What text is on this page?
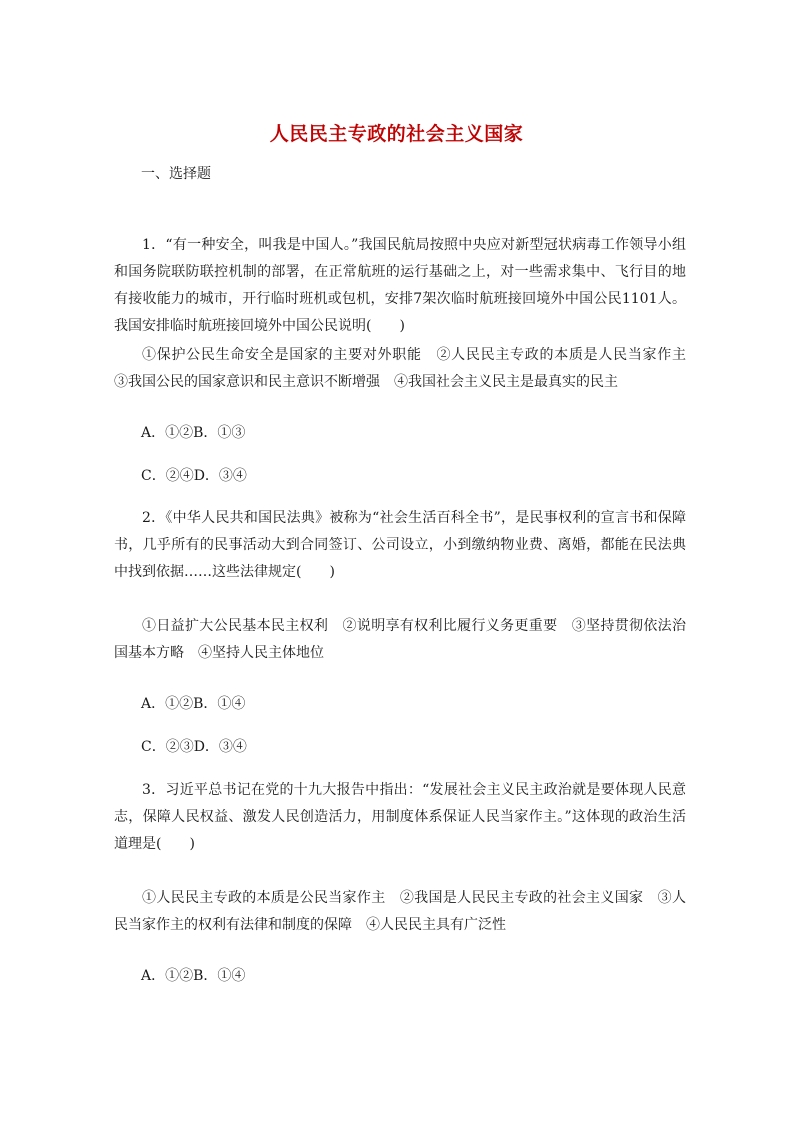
人民民主专政的社会主义国家
一、选择题

1．“有一种安全，叫我是中国人。”我国民航局按照中央应对新型冠状病毒工作领导小组和国务院联防联控机制的部署，在正常航班的运行基础之上，对一些需求集中、飞行目的地有接收能力的城市，开行临时班机或包机，安排7架次临时航班接回境外中国公民1101人。我国安排临时航班接回境外中国公民说明(　　)

①保护公民生命安全是国家的主要对外职能　②人民民主专政的本质是人民当家作主　③我国公民的国家意识和民主意识不断增强　④我国社会主义民主是最真实的民主

A．①②B．①③
C．②④D．③④

2．《中华人民共和国民法典》被称为“社会生活百科全书”，是民事权利的宣言书和保障书，几乎所有的民事活动大到合同签订、公司设立，小到缴纳物业费、离婚，都能在民法典中找到依据……这些法律规定(　　)

①日益扩大公民基本民主权利　②说明享有权利比履行义务更重要　③坚持贯彻依法治国基本方略　④坚持人民主体地位

A．①②B．①④
C．②③D．③④

3．习近平总书记在党的十九大报告中指出：“发展社会主义民主政治就是要体现人民意志，保障人民权益、激发人民创造活力，用制度体系保证人民当家作主。”这体现的政治生活道理是(　　)

①人民民主专政的本质是公民当家作主　②我国是人民民主专政的社会主义国家　③人民当家作主的权利有法律和制度的保障　④人民民主具有广泛性

A．①②B．①④
